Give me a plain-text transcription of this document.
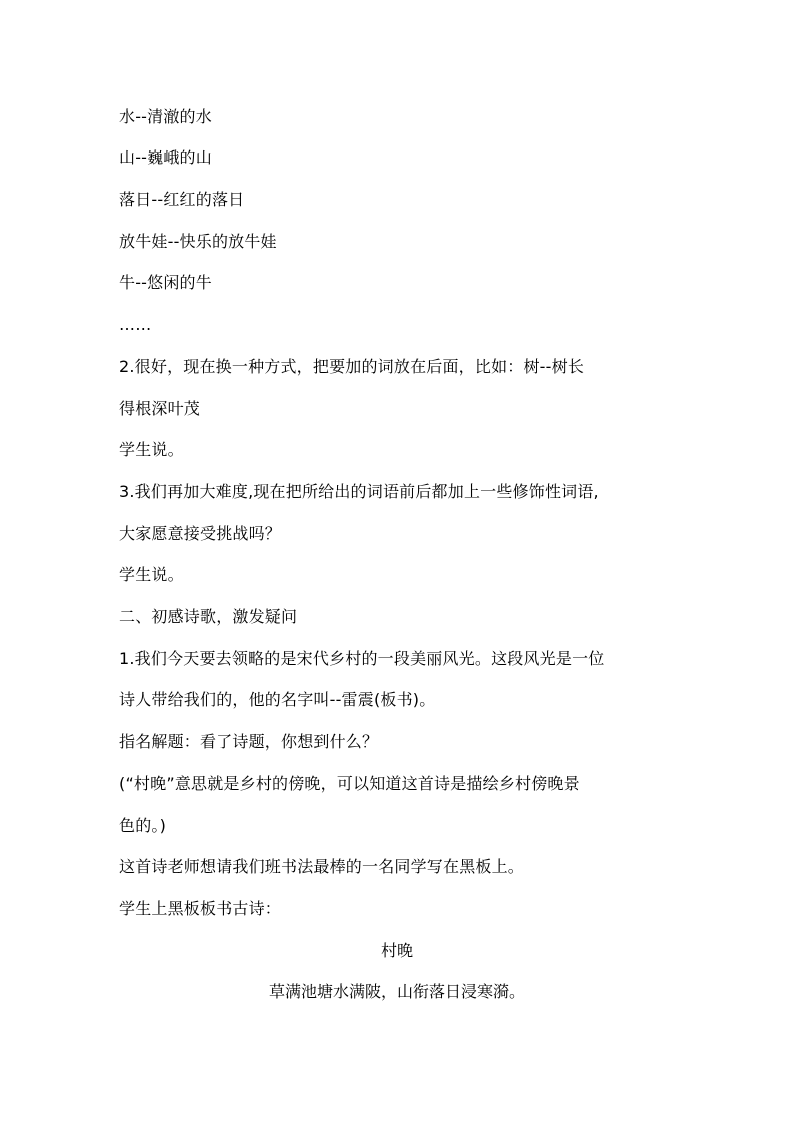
水--清澈的水
山--巍峨的山
落日--红红的落日
放牛娃--快乐的放牛娃
牛--悠闲的牛
……
2.很好，现在换一种方式，把要加的词放在后面，比如：树--树长
得根深叶茂
学生说。
3.我们再加大难度,现在把所给出的词语前后都加上一些修饰性词语,
大家愿意接受挑战吗？
学生说。
二、初感诗歌，激发疑问
1.我们今天要去领略的是宋代乡村的一段美丽风光。这段风光是一位
诗人带给我们的，他的名字叫--雷震(板书)。
指名解题：看了诗题，你想到什么？
(“村晚”意思就是乡村的傍晚，可以知道这首诗是描绘乡村傍晚景
色的。)
这首诗老师想请我们班书法最棒的一名同学写在黑板上。
学生上黑板板书古诗：
村晚
草满池塘水满陂，山衔落日浸寒漪。
